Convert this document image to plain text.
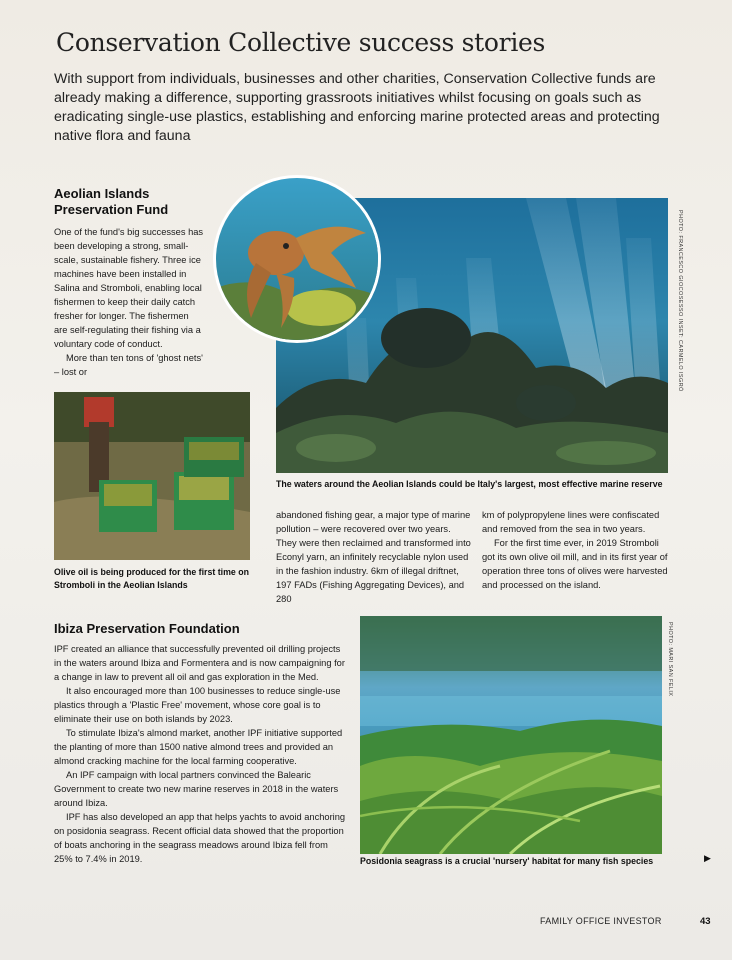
Conservation Collective success stories

With support from individuals, businesses and other charities, Conservation Collective funds are already making a difference, supporting grassroots initiatives whilst focusing on goals such as eradicating single-use plastics, establishing and enforcing marine protected areas and protecting native flora and fauna

Aeolian Islands
Preservation Fund

One of the fund's big successes has been developing a strong, small-scale, sustainable fishery. Three ice machines have been installed in Salina and Stromboli, enabling local fishermen to keep their daily catch fresher for longer. The fishermen are self-regulating their fishing via a voluntary code of conduct.

More than ten tons of 'ghost nets' – lost or	PHOTO: FRANCESCO GIOCOSESSO INSET: CARMELO ISGRÒ

The waters around the Aeolian Islands could be Italy's largest, most effective marine reserve

Olive oil is being produced for the first time on Stromboli in the Aeolian Islands

abandoned fishing gear, a major type of marine pollution – were recovered over two years. They were then reclaimed and transformed into Econyl yarn, an infinitely recyclable nylon used in the fashion industry. 6km of illegal driftnet, 197 FADs (Fishing Aggregating Devices), and 280

km of polypropylene lines were confiscated and removed from the sea in two years.

For the first time ever, in 2019 Stromboli got its own olive oil mill, and in its first year of operation three tons of olives were harvested and processed on the island.

Ibiza Preservation Foundation

IPF created an alliance that successfully prevented oil drilling projects in the waters around Ibiza and Formentera and is now campaigning for a change in law to prevent all oil and gas exploration in the Med.

It also encouraged more than 100 businesses to reduce single-use plastics through a 'Plastic Free' movement, whose core goal is to eliminate their use on both islands by 2023.

To stimulate Ibiza's almond market, another IPF initiative supported the planting of more than 1500 native almond trees and provided an almond cracking machine for the local farming cooperative.

An IPF campaign with local partners convinced the Balearic Government to create two new marine reserves in 2018 in the waters around Ibiza.

IPF has also developed an app that helps yachts to avoid anchoring on posidonia seagrass. Recent official data showed that the proportion of boats anchoring in the seagrass meadows around Ibiza fell from 25% to 7.4% in 2019.

PHOTO: MARI SAN FELIX

Posidonia seagrass is a crucial 'nursery' habitat for many fish species	▶
FAMILY OFFICE INVESTOR	43
